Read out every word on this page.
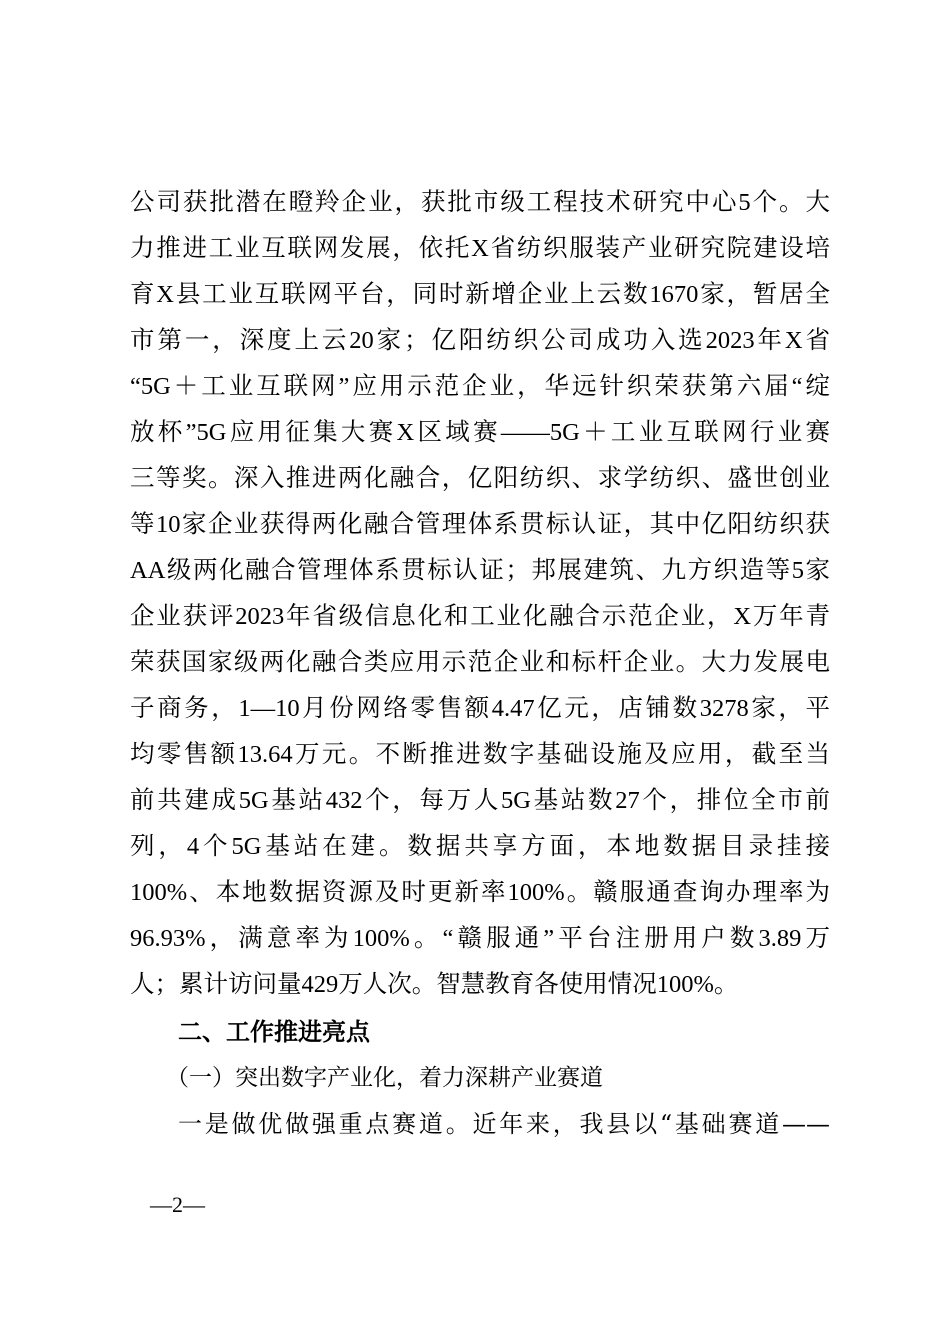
公司获批潜在瞪羚企业，获批市级工程技术研究中心5个。大
力推进工业互联网发展，依托X省纺织服装产业研究院建设培
育X县工业互联网平台，同时新增企业上云数1670家，暂居全
市第一，深度上云20家；亿阳纺织公司成功入选2023年X省
“5G＋工业互联网”应用示范企业，华远针织荣获第六届“绽
放杯”5G应用征集大赛X区域赛——5G＋工业互联网行业赛
三等奖。深入推进两化融合，亿阳纺织、求学纺织、盛世创业
等10家企业获得两化融合管理体系贯标认证，其中亿阳纺织获
AA级两化融合管理体系贯标认证；邦展建筑、九方织造等5家
企业获评2023年省级信息化和工业化融合示范企业，X万年青
荣获国家级两化融合类应用示范企业和标杆企业。大力发展电
子商务，1—10月份网络零售额4.47亿元，店铺数3278家，平
均零售额13.64万元。不断推进数字基础设施及应用，截至当
前共建成5G基站432个，每万人5G基站数27个，排位全市前
列，4个5G基站在建。数据共享方面，本地数据目录挂接
100%、本地数据资源及时更新率100%。赣服通查询办理率为
96.93%，满意率为100%。“赣服通”平台注册用户数3.89万
人；累计访问量429万人次。智慧教育各使用情况100%。
二、工作推进亮点
（一）突出数字产业化，着力深耕产业赛道
一是做优做强重点赛道。近年来，我县以“基础赛道——
—2—
